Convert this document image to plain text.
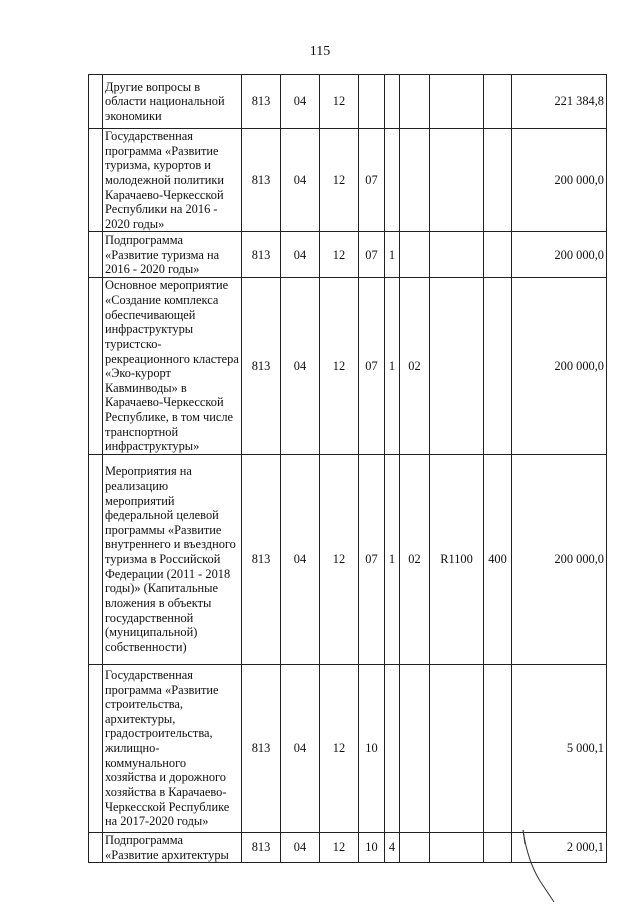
115
	Другие вопросы в области национальной экономики	813	04	12						221 384,8
	Государственная программа «Развитие туризма, курортов и молодежной политики Карачаево-Черкесской Республики на 2016 - 2020 годы»	813	04	12	07					200 000,0
	Подпрограмма «Развитие туризма на 2016 - 2020 годы»	813	04	12	07	1				200 000,0
	Основное мероприятие «Создание комплекса обеспечивающей инфраструктуры туристско-рекреационного кластера «Эко-курорт Кавминводы» в Карачаево-Черкесской Республике, в том числе транспортной инфраструктуры»	813	04	12	07	1	02			200 000,0
	Мероприятия на реализацию мероприятий федеральной целевой программы «Развитие внутреннего и въездного туризма в Российской Федерации (2011 - 2018 годы)» (Капитальные вложения в объекты государственной (муниципальной) собственности)	813	04	12	07	1	02	R1100	400	200 000,0
	Государственная программа «Развитие строительства, архитектуры, градостроительства, жилищно-коммунального хозяйства и дорожного хозяйства в Карачаево-Черкесской Республике на 2017-2020 годы»	813	04	12	10					5 000,1
	Подпрограмма «Развитие архитектуры	813	04	12	10	4				2 000,1
